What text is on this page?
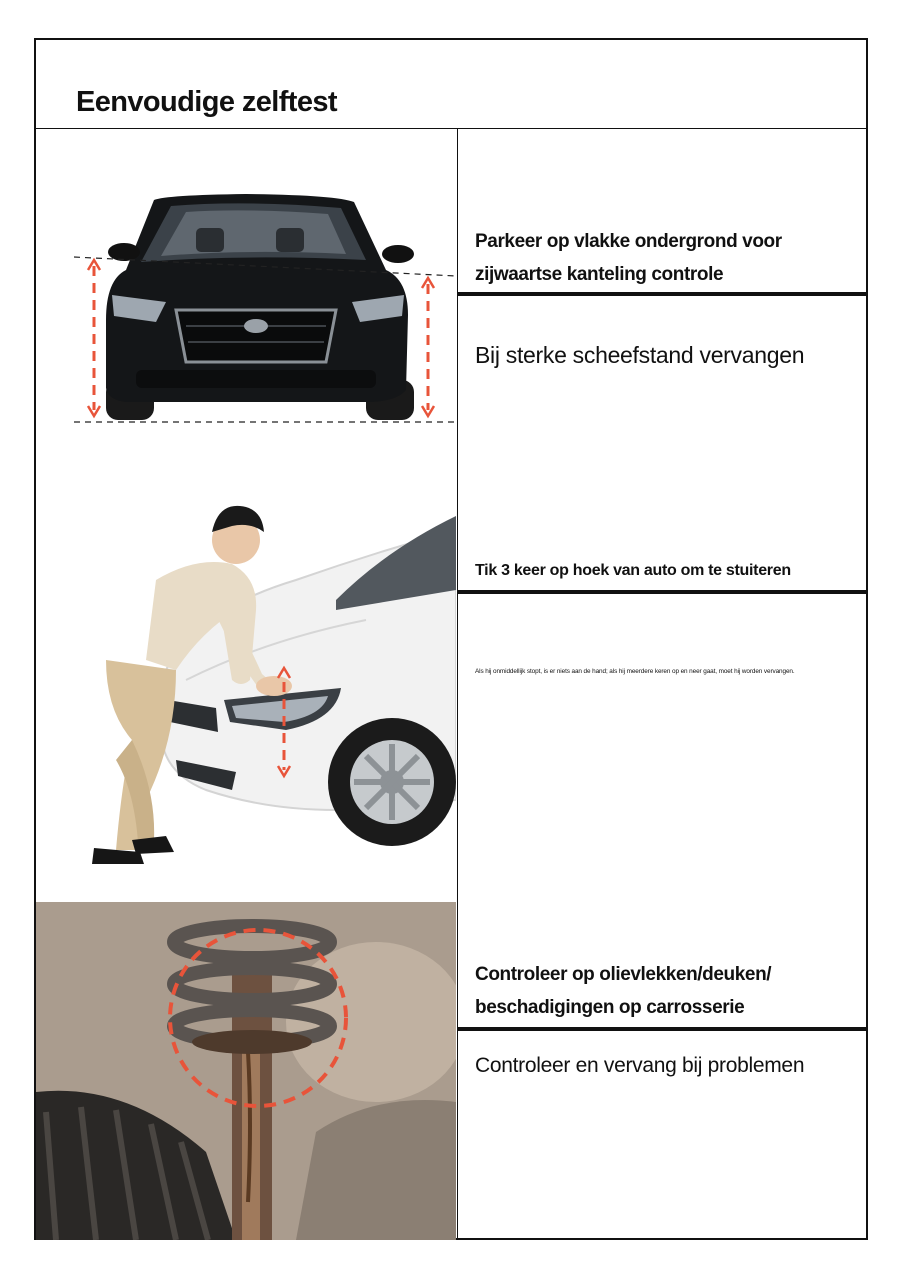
Eenvoudige zelftest
Parkeer op vlakke ondergrond voor zijwaartse kanteling controle

Bij sterke scheefstand vervangen

Tik 3 keer op hoek van auto om te stuiteren

Als hij onmiddellijk stopt, is er niets aan de hand; als hij meerdere keren op en neer gaat, moet hij worden vervangen.

Controleer op olievlekken/deuken/ beschadigingen op carrosserie

Controleer en vervang bij problemen
